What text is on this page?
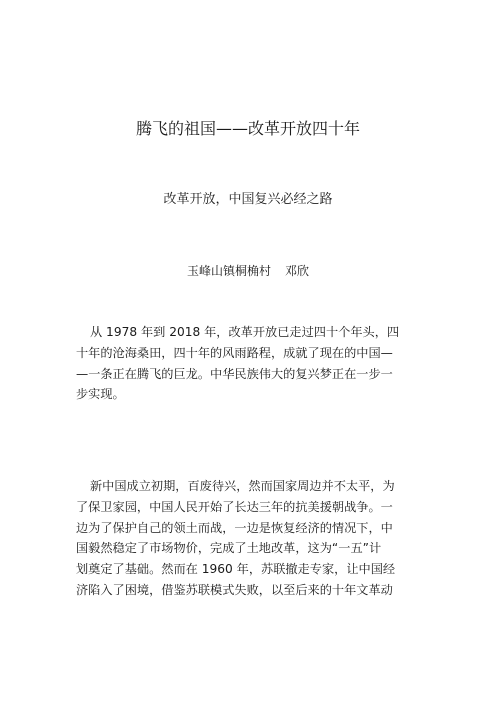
腾飞的祖国——改革开放四十年
改革开放，中国复兴必经之路
玉峰山镇桐桷村 邓欣

从 1978 年到 2018 年，改革开放已走过四十个年头，四
十年的沧海桑田，四十年的风雨路程，成就了现在的中国—
—一条正在腾飞的巨龙。中华民族伟大的复兴梦正在一步一
步实现。

新中国成立初期，百废待兴，然而国家周边并不太平，为
了保卫家园，中国人民开始了长达三年的抗美援朝战争。一
边为了保护自己的领土而战，一边是恢复经济的情况下，中
国毅然稳定了市场物价，完成了土地改革，这为“一五”计
划奠定了基础。然而在 1960 年，苏联撤走专家，让中国经
济陷入了困境，借鉴苏联模式失败，以至后来的十年文革动
